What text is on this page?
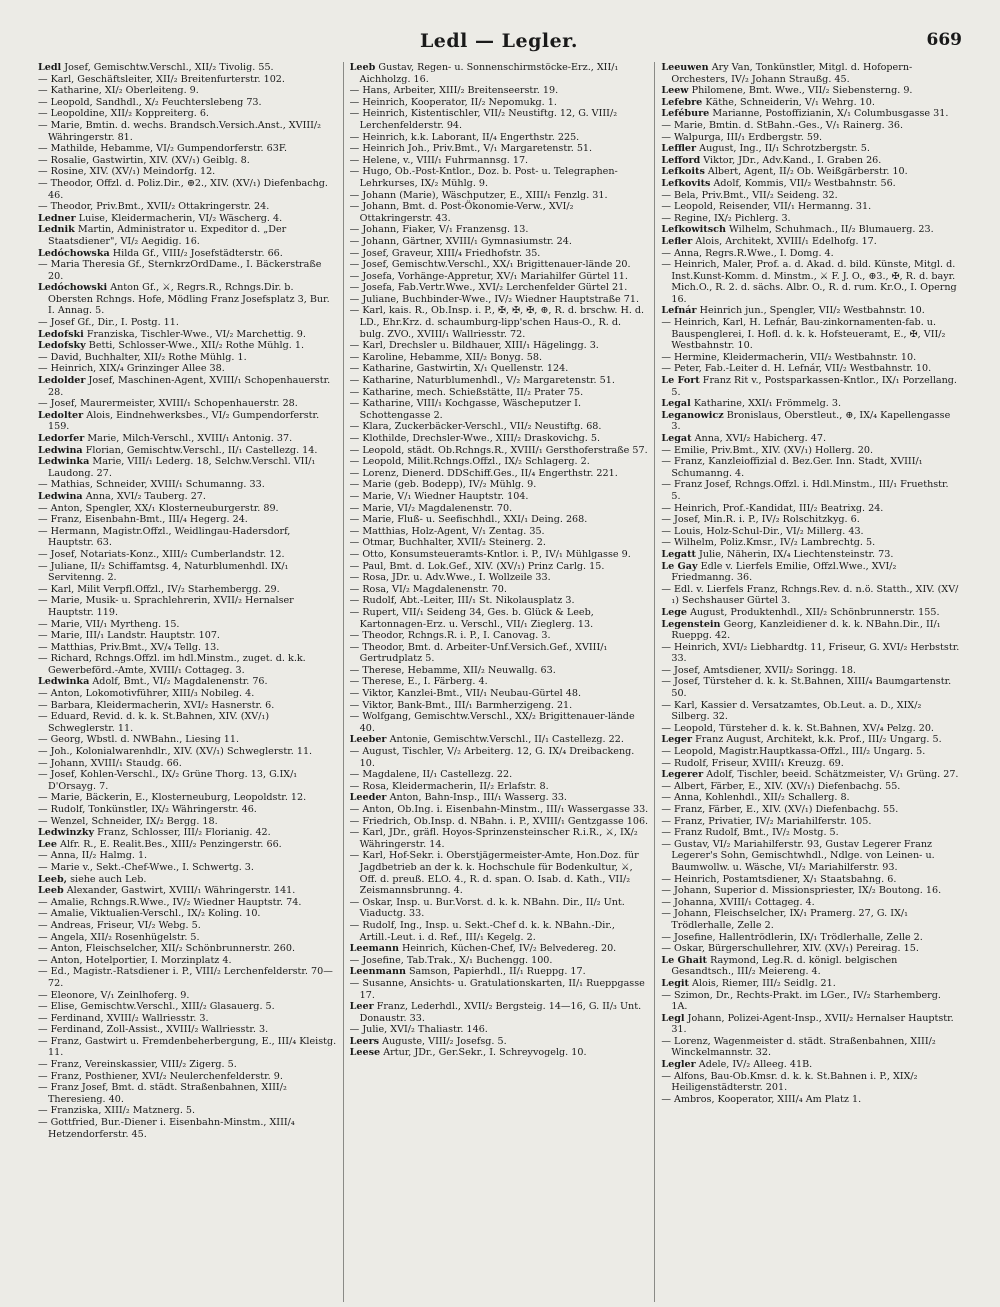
Ledl — Legler.	669

Ledl Josef, Gemischtw.Verschl., XII/₂ Tivolig. 55.

— Karl, Geschäftsleiter, XII/₂ Breitenfurterstr. 102.

— Katharine, XI/₂ Oberleiteng. 9.

— Leopold, Sandhdl., X/₂ Feuchterslebeng 73.

— Leopoldine, XII/₂ Koppreiterg. 6.

— Marie, Bmtin. d. wechs. Brandsch.Versich.Anst., XVIII/₂ Währingerstr. 81.

— Mathilde, Hebamme, VI/₂ Gumpendorferstr. 63F.

— Rosalie, Gastwirtin, XIV. (XV/₁) Geiblg. 8.

— Rosine, XIV. (XV/₁) Meindorfg. 12.

— Theodor, Offzl. d. Poliz.Dir., ⊕2., XIV. (XV/₁) Diefenbachg. 46.

— Theodor, Priv.Bmt., XVII/₂ Ottakringerstr. 24.

Ledner Luise, Kleidermacherin, VI/₂ Wäscherg. 4.

Lednik Martin, Administrator u. Expeditor d. „Der Staatsdiener", VI/₂ Aegidig. 16.

Ledóchowska Hilda Gf., VIII/₂ Josefstädterstr. 66.

— Maria Theresia Gf., SternkrzOrdDame., I. Bäckerstraße 20.

Ledóchowski Anton Gf., ⚔, Regrs.R., Rchngs.Dir. b. Obersten Rchngs. Hofe, Mödling Franz Josefsplatz 3, Bur. I. Annag. 5.

— Josef Gf., Dir., I. Postg. 11.

Ledofski Franziska, Tischler-Wwe., VI/₂ Marchettig. 9.

Ledofsky Betti, Schlosser-Wwe., XII/₂ Rothe Mühlg. 1.

— David, Buchhalter, XII/₂ Rothe Mühlg. 1.

— Heinrich, XIX/₄ Grinzinger Allee 38.

Ledolder Josef, Maschinen-Agent, XVIII/₁ Schopenhauerstr. 28.

— Josef, Maurermeister, XVIII/₁ Schopenhauerstr. 28.

Ledolter Alois, Eindnehwerksbes., VI/₂ Gumpendorferstr. 159.

Ledorfer Marie, Milch-Verschl., XVIII/₁ Antonig. 37.

Ledwina Florian, Gemischtw.Verschl., II/₁ Castellezg. 14.

Ledwinka Marie, VIII/₁ Lederg. 18, Selchw.Verschl. VII/₁ Laudong. 27.

— Mathias, Schneider, XVIII/₁ Schumanng. 33.

Ledwina Anna, XVI/₂ Tauberg. 27.

— Anton, Spengler, XX/₁ Klosterneuburgerstr. 89.

— Franz, Eisenbahn-Bmt., III/₄ Hegerg. 24.

— Hermann, Magistr.Offzl., Weidlingau-Hadersdorf, Hauptstr. 63.

— Josef, Notariats-Konz., XIII/₂ Cumberlandstr. 12.

— Juliane, II/₂ Schiffamtsg. 4, Naturblumenhdl. IX/₁ Servitenng. 2.

— Karl, Milit Verpfl.Offzl., IV/₂ Starhembergg. 29.

— Marie, Musik- u. Sprachlehrerin, XVII/₂ Hernalser Hauptstr. 119.

— Marie, VII/₁ Myrtheng. 15.

— Marie, III/₁ Landstr. Hauptstr. 107.

— Matthias, Priv.Bmt., XV/₄ Tellg. 13.

— Richard, Rchngs.Offzl. im hdl.Minstm., zuget. d. k.k. Gewerbeförd.-Amte, XVIII/₁ Cottageg. 3.

Ledwinka Adolf, Bmt., VI/₂ Magdalenenstr. 76.

— Anton, Lokomotivführer, XIII/₃ Nobileg. 4.

— Barbara, Kleidermacherin, XVI/₂ Hasnerstr. 6.

— Eduard, Revid. d. k. k. St.Bahnen, XIV. (XV/₁) Schweglerstr. 11.

— Georg, Wbstl. d. NWBahn., Liesing 11.

— Joh., Kolonialwarenhdlr., XIV. (XV/₁) Schweglerstr. 11.

— Johann, XVIII/₁ Staudg. 66.

— Josef, Kohlen-Verschl., IX/₂ Grüne Thorg. 13, G.IX/₁ D'Orsayg. 7.

— Marie, Bäckerin, E., Klosterneuburg, Leopoldstr. 12.

— Rudolf, Tonkünstler, IX/₂ Währingerstr. 46.

— Wenzel, Schneider, IX/₂ Bergg. 18.

Ledwinzky Franz, Schlosser, III/₂ Florianig. 42.

Lee Alfr. R., E. Realit.Bes., XIII/₂ Penzingerstr. 66.

— Anna, II/₂ Halmg. 1.

— Marie v., Sekt.-Chef-Wwe., I. Schwertg. 3.

Leeb, siehe auch Leb.

Leeb Alexander, Gastwirt, XVIII/₁ Währingerstr. 141.

— Amalie, Rchngs.R.Wwe., IV/₂ Wiedner Hauptstr. 74.

— Amalie, Viktualien-Verschl., IX/₂ Koling. 10.

— Andreas, Friseur, VI/₂ Webg. 5.

— Angela, XII/₂ Rosenhügelstr. 5.

— Anton, Fleischselcher, XII/₂ Schönbrunnerstr. 260.

— Anton, Hotelportier, I. Morzinplatz 4.

— Ed., Magistr.-Ratsdiener i. P., VIII/₂ Lerchenfelderstr. 70—72.

— Eleonore, V/₁ Zeinlhoferg. 9.

— Elise, Gemischtw.Verschl., XIII/₂ Glasauerg. 5.

— Ferdinand, XVIII/₂ Wallriesstr. 3.

— Ferdinand, Zoll-Assist., XVIII/₂ Wallriesstr. 3.

— Franz, Gastwirt u. Fremdenbeherbergung, E., III/₄ Kleistg. 11.

— Franz, Vereinskassier, VIII/₂ Zigerg. 5.

— Franz, Posthiener, XVI/₂ Neulerchenfelderstr. 9.

— Franz Josef, Bmt. d. städt. Straßenbahnen, XIII/₂ Theresieng. 40.

— Franziska, XIII/₂ Matznerg. 5.

— Gottfried, Bur.-Diener i. Eisenbahn-Minstm., XIII/₄ Hetzendorferstr. 45.

Leeb Gustav, Regen- u. Sonnenschirmstöcke-Erz., XII/₁ Aichholzg. 16.

— Hans, Arbeiter, XIII/₂ Breitenseerstr. 19.

— Heinrich, Kooperator, II/₂ Nepomukg. 1.

— Heinrich, Kistentischler, VII/₂ Neustiftg. 12, G. VIII/₂ Lerchenfelderstr. 94.

— Heinrich, k.k. Laborant, II/₄ Engerthstr. 225.

— Heinrich Joh., Priv.Bmt., V/₁ Margaretenstr. 51.

— Helene, v., VIII/₁ Fuhrmannsg. 17.

— Hugo, Ob.-Post-Kntlor., Doz. b. Post- u. Telegraphen-Lehrkurses, IX/₂ Mühlg. 9.

— Johann (Marie), Wäschputzer, E., XIII/₁ Fenzlg. 31.

— Johann, Bmt. d. Post-Ökonomie-Verw., XVI/₂ Ottakringerstr. 43.

— Johann, Fiaker, V/₁ Franzensg. 13.

— Johann, Gärtner, XVIII/₁ Gymnasiumstr. 24.

— Josef, Graveur, XIII/₄ Friedhofstr. 35.

— Josef, Gemischtw.Verschl., XX/₁ Brigittenauer-lände 20.

— Josefa, Vorhänge-Appretur, XV/₁ Mariahilfer Gürtel 11.

— Josefa, Fab.Vertr.Wwe., XVI/₂ Lerchenfelder Gürtel 21.

— Juliane, Buchbinder-Wwe., IV/₂ Wiedner Hauptstraße 71.

— Karl, kais. R., Ob.Insp. i. P., ✠, ✠, ✠, ⊕, R. d. brschw. H. d. LD., Ehr.Krz. d. schaumburg-lipp'schen Haus-O., R. d. bulg. ZVO., XVIII/₁ Wallriesstr. 72.

— Karl, Drechsler u. Bildhauer, XIII/₁ Hägelingg. 3.

— Karoline, Hebamme, XII/₂ Bonyg. 58.

— Katharine, Gastwirtin, X/₁ Quellenstr. 124.

— Katharine, Naturblumenhdl., V/₂ Margaretenstr. 51.

— Katharine, mech. Schießstätte, II/₂ Prater 75.

— Katharine, VIII/₁ Kochgasse, Wäscheputzer I. Schottengasse 2.

— Klara, Zuckerbäcker-Verschl., VII/₂ Neustiftg. 68.

— Klothilde, Drechsler-Wwe., XIII/₂ Draskovichg. 5.

— Leopold, städt. Ob.Rchngs.R., XVIII/₁ Gersthoferstraße 57.

— Leopold, Milit.Rchngs.Offzl., IX/₂ Schlagerg. 2.

— Lorenz, Dienerd. DDSchiff.Ges., II/₄ Engerthstr. 221.

— Marie (geb. Bodepp), IV/₂ Mühlg. 9.

— Marie, V/₁ Wiedner Hauptstr. 104.

— Marie, VI/₂ Magdalenenstr. 70.

— Marie, Fluß- u. Seefischhdl., XXI/₁ Deing. 268.

— Matthias, Holz-Agent, V/₁ Zentag. 35.

— Otmar, Buchhalter, XVII/₂ Steinerg. 2.

— Otto, Konsumsteueramts-Kntlor. i. P., IV/₁ Mühlgasse 9.

— Paul, Bmt. d. Lok.Gef., XIV. (XV/₁) Prinz Carlg. 15.

— Rosa, JDr. u. Adv.Wwe., I. Wollzeile 33.

— Rosa, VI/₂ Magdalenenstr. 70.

— Rudolf, Abt.-Leiter, III/₁ St. Nikolausplatz 3.

— Rupert, VII/₁ Seideng 34, Ges. b. Glück & Leeb, Kartonnagen-Erz. u. Verschl., VII/₁ Zieglerg. 13.

— Theodor, Rchngs.R. i. P., I. Canovag. 3.

— Theodor, Bmt. d. Arbeiter-Unf.Versich.Gef., XVIII/₁ Gertrudplatz 5.

— Therese, Hebamme, XII/₂ Neuwallg. 63.

— Therese, E., I. Färberg. 4.

— Viktor, Kanzlei-Bmt., VII/₁ Neubau-Gürtel 48.

— Viktor, Bank-Bmt., III/₁ Barmherzigeng. 21.

— Wolfgang, Gemischtw.Verschl., XX/₂ Brigittenauer-lände 40.

Leeber Antonie, Gemischtw.Verschl., II/₁ Castellezg. 22.

— August, Tischler, V/₂ Arbeiterg. 12, G. IX/₄ Dreibackeng. 10.

— Magdalene, II/₁ Castellezg. 22.

— Rosa, Kleidermacherin, II/₂ Erlafstr. 8.

Leeder Anton, Bahn-Insp., III/₁ Wasserg. 33.

— Anton, Ob.Ing. i. Eisenbahn-Minstm., III/₁ Wassergasse 33.

— Friedrich, Ob.Insp. d. NBahn. i. P., XVIII/₁ Gentzgasse 106.

— Karl, JDr., gräfl. Hoyos-Sprinzensteinscher R.i.R., ⚔, IX/₂ Währingerstr. 14.

— Karl, Hof-Sekr. i. Oberstjägermeister-Amte, Hon.Doz. für Jagdbetrieb an der k. k. Hochschule für Bodenkultur, ⚔, Off. d. preuß. ELO. 4., R. d. span. O. Isab. d. Kath., VII/₂ Zeismannsbrunng. 4.

— Oskar, Insp. u. Bur.Vorst. d. k. k. NBahn. Dir., II/₂ Unt. Viaductg. 33.

— Rudolf, Ing., Insp. u. Sekt.-Chef d. k. k. NBahn.-Dir., Artill.-Leut. i. d. Ref., III/₁ Kegelg. 2.

Leemann Heinrich, Küchen-Chef, IV/₂ Belvedereg. 20.

— Josefine, Tab.Trak., X/₁ Buchengg. 100.

Leenmann Samson, Papierhdl., II/₁ Rueppg. 17.

— Susanne, Ansichts- u. Gratulationskarten, II/₁ Rueppgasse 17.

Leer Franz, Lederhdl., XVII/₂ Bergsteig. 14—16, G. II/₃ Unt. Donaustr. 33.

— Julie, XVI/₂ Thaliastr. 146.

Leers Auguste, VIII/₂ Josefsg. 5.

Leese Artur, JDr., Ger.Sekr., I. Schreyvogelg. 10.

Leeuwen Ary Van, Tonkünstler, Mitgl. d. Hofopern-Orchesters, IV/₂ Johann Straußg. 45.

Leew Philomene, Bmt. Wwe., VII/₂ Siebensterng. 9.

Lefebre Käthe, Schneiderin, V/₁ Wehrg. 10.

Lefébure Marianne, Postoffizianin, X/₁ Columbusgasse 31.

— Marie, Bmtin. d. StBahn.-Ges., V/₁ Rainerg. 36.

— Walpurga, III/₁ Erdbergstr. 59.

Leffler August, Ing., II/₁ Schrotzbergstr. 5.

Lefford Viktor, JDr., Adv.Kand., I. Graben 26.

Lefkoits Albert, Agent, II/₂ Ob. Weißgärberstr. 10.

Lefkovits Adolf, Kommis, VII/₂ Westbahnstr. 56.

— Bela, Priv.Bmt., VII/₂ Seideng. 32.

— Leopold, Reisender, VII/₁ Hermanng. 31.

— Regine, IX/₂ Pichlerg. 3.

Lefkowitsch Wilhelm, Schuhmach., II/₂ Blumauerg. 23.

Lefler Alois, Architekt, XVIII/₁ Edelhofg. 17.

— Anna, Regrs.R.Wwe., I. Domg. 4.

— Heinrich, Maler, Prof. a. d. Akad. d. bild. Künste, Mitgl. d. Inst.Kunst-Komm. d. Minstm., ⚔ F. J. O., ⊕3., ✠, R. d. bayr. Mich.O., R. 2. d. sächs. Albr. O., R. d. rum. Kr.O., I. Operng 16.

Lefnár Heinrich jun., Spengler, VII/₂ Westbahnstr. 10.

— Heinrich, Karl, H. Lefnár, Bau-zinkornamenten-fab. u. Bauspenglerei, I. Hofl. d. k. k. Hofsteueramt, E., ✠, VII/₂ Westbahnstr. 10.

— Hermine, Kleidermacherin, VII/₂ Westbahnstr. 10.

— Peter, Fab.-Leiter d. H. Lefnár, VII/₂ Westbahnstr. 10.

Le Fort Franz Rit v., Postsparkassen-Kntlor., IX/₁ Porzellang. 5.

Legal Katharine, XXI/₁ Frömmelg. 3.

Leganowicz Bronislaus, Oberstleut., ⊕, IX/₄ Kapellengasse 3.

Legat Anna, XVI/₂ Habicherg. 47.

— Emilie, Priv.Bmt., XIV. (XV/₁) Hollerg. 20.

— Franz, Kanzleioffizial d. Bez.Ger. Inn. Stadt, XVIII/₁ Schumanng. 4.

— Franz Josef, Rchngs.Offzl. i. Hdl.Minstm., III/₁ Fruethstr. 5.

— Heinrich, Prof.-Kandidat, III/₂ Beatrixg. 24.

— Josef, Min.R. i. P., IV/₂ Rolschitzkyg. 6.

— Louis, Holz-Schul-Dir., VI/₂ Millerg. 43.

— Wilhelm, Poliz.Kmsr., IV/₂ Lambrechtg. 5.

Legatt Julie, Näherin, IX/₄ Liechtensteinstr. 73.

Le Gay Edle v. Lierfels Emilie, Offzl.Wwe., XVI/₂ Friedmanng. 36.

— Edl. v. Lierfels Franz, Rchngs.Rev. d. n.ö. Statth., XIV. (XV/₁) Sechshauser Gürtel 3.

Lege August, Produktenhdl., XII/₂ Schönbrunnerstr. 155.

Legenstein Georg, Kanzleidiener d. k. k. NBahn.Dir., II/₁ Rueppg. 42.

— Heinrich, XVI/₂ Liebhardtg. 11, Friseur, G. XVI/₂ Herbststr. 33.

— Josef, Amtsdiener, XVII/₂ Soringg. 18.

— Josef, Türsteher d. k. k. St.Bahnen, XIII/₄ Baumgartenstr. 50.

— Karl, Kassier d. Versatzamtes, Ob.Leut. a. D., XIX/₂ Silberg. 32.

— Leopold, Türsteher d. k. k. St.Bahnen, XV/₄ Pelzg. 20.

Leger Franz August, Architekt, k.k. Prof., III/₂ Ungarg. 5.

— Leopold, Magistr.Hauptkassa-Offzl., III/₂ Ungarg. 5.

— Rudolf, Friseur, XVIII/₁ Kreuzg. 69.

Legerer Adolf, Tischler, beeid. Schätzmeister, V/₁ Grüng. 27.

— Albert, Färber, E., XIV. (XV/₁) Diefenbachg. 55.

— Anna, Kohlenhdl., XII/₂ Schallerg. 8.

— Franz, Färber, E., XIV. (XV/₁) Diefenbachg. 55.

— Franz, Privatier, IV/₂ Mariahilferstr. 105.

— Franz Rudolf, Bmt., IV/₂ Mostg. 5.

— Gustav, VI/₂ Mariahilferstr. 93, Gustav Legerer Franz Legerer's Sohn, Gemischtwhdl., Ndlge. von Leinen- u. Baumwollw. u. Wäsche, VI/₂ Mariahilferstr. 93.

— Heinrich, Postamtsdiener, X/₁ Staatsbahng. 6.

— Johann, Superior d. Missionspriester, IX/₂ Boutong. 16.

— Johanna, XVIII/₁ Cottageg. 4.

— Johann, Fleischselcher, IX/₁ Pramerg. 27, G. IX/₁ Trödlerhalle, Zelle 2.

— Josefine, Hallentrödlerin, IX/₁ Trödlerhalle, Zelle 2.

— Oskar, Bürgerschullehrer, XIV. (XV/₁) Pereirag. 15.

Le Ghait Raymond, Leg.R. d. königl. belgischen Gesandtsch., III/₂ Meiereng. 4.

Legit Alois, Riemer, III/₂ Seidlg. 21.

— Szimon, Dr., Rechts-Prakt. im LGer., IV/₂ Starhemberg. 1A.

Legl Johann, Polizei-Agent-Insp., XVII/₂ Hernalser Hauptstr. 31.

— Lorenz, Wagenmeister d. städt. Straßenbahnen, XIII/₂ Winckelmannstr. 32.

Legler Adele, IV/₂ Alleeg. 41B.

— Alfons, Bau-Ob.Kmsr. d. k. k. St.Bahnen i. P., XIX/₂ Heiligenstädterstr. 201.

— Ambros, Kooperator, XIII/₄ Am Platz 1.
